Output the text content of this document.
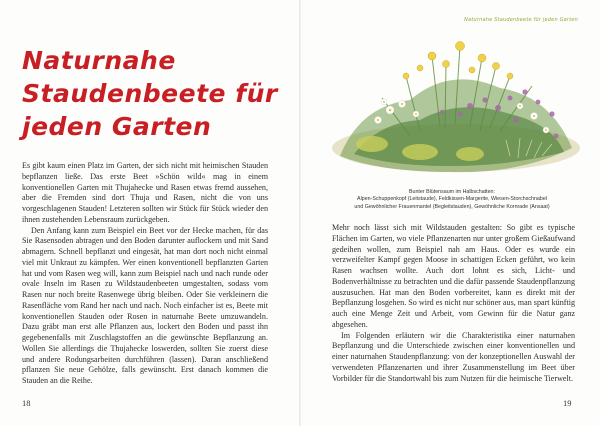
Naturnahe
Staudenbeete für
jeden Garten

Es gibt kaum einen Platz im Garten, der sich nicht mit heimischen Stauden bepflanzen ließe. Das erste Beet »Schön wild« mag in einem konventionellen Garten mit Thujahecke und Rasen etwas fremd aussehen, aber die Fremden sind dort Thuja und Rasen, nicht die von uns vorgeschlagenen Stauden! Letzteren sollten wir Stück für Stück wieder den ihnen zustehenden Lebensraum zurückgeben.

Den Anfang kann zum Beispiel ein Beet vor der Hecke machen, für das Sie Rasensoden abtragen und den Boden darunter auflockern und mit Sand abmagern. Schnell bepflanzt und eingesät, hat man dort noch nicht einmal viel mit Unkraut zu kämpfen. Wer einen konventionell bepflanzten Garten hat und vom Rasen weg will, kann zum Beispiel nach und nach runde oder ovale Inseln im Rasen zu Wildstaudenbeeten umgestalten, sodass vom Rasen nur noch breite Rasenwege übrig bleiben. Oder Sie verkleinern die Rasenfläche vom Rand her nach und nach. Noch einfacher ist es, Beete mit konventionellen Stauden oder Rosen in naturnahe Beete umzuwandeln. Dazu gräbt man erst alle Pflanzen aus, lockert den Boden und passt ihn gegebenenfalls mit Zuschlagstoffen an die gewünschte Bepflanzung an. Wollen Sie allerdings die Thujahecke loswerden, sollten Sie zuerst diese und andere Rodungsarbeiten durchführen (lassen). Daran anschließend pflanzen Sie neue Gehölze, falls gewünscht. Erst danach kommen die Stauden an die Reihe.

18
Naturnahe Staudenbeete für jeden Garten
Bunter Blütensaum im Halbschatten:
Alpen-Schuppenkopf (Leitstaude), Feldkissen-Margerite, Wiesen-Storchschnabel
und Gewöhnlicher Frauenmantel (Begleitstauden), Gewöhnliche Kornrade (Ansaat)

Mehr noch lässt sich mit Wildstauden gestalten: So gibt es typische Flächen im Garten, wo viele Pflanzenarten nur unter großem Gießaufwand gedeihen wollen, zum Beispiel nah am Haus. Oder es wurde ein verzweifelter Kampf gegen Moose in schattigen Ecken geführt, wo kein Rasen wachsen wollte. Auch dort lohnt es sich, Licht- und Bodenverhältnisse zu betrachten und die dafür passende Staudenpflanzung auszusuchen. Hat man den Boden vorbereitet, kann es direkt mit der Bepflanzung losgehen. So wird es nicht nur schöner aus, man spart künftig auch eine Menge Zeit und Arbeit, vom Gewinn für die Natur ganz abgesehen.

Im Folgenden erläutern wir die Charakteristika einer naturnahen Bepflanzung und die Unterschiede zwischen einer konventionellen und einer naturnahen Staudenpflanzung: von der konzeptionellen Auswahl der verwendeten Pflanzenarten und ihrer Zusammenstellung im Beet über Vorbilder für die Standortwahl bis zum Nutzen für die heimische Tierwelt.

19
